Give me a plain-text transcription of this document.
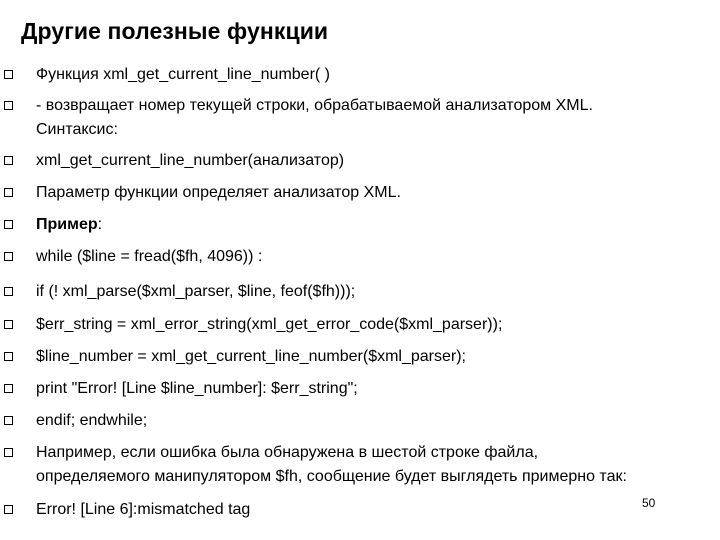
Другие полезные функции
Функция xml_get_current_line_number( )
- возвращает номер текущей строки, обрабатываемой анализатором XML.
Синтаксис:
xml_get_current_line_number(анализатор)
Параметр функции определяет анализатор XML.
Пример:
while ($line = fread($fh, 4096)) :
if (! xml_parse($xml_parser, $line, feof($fh)));
$err_string = xml_error_string(xml_get_error_code($xml_parser));
$line_number = xml_get_current_line_number($xml_parser);
print "Error! [Line $line_number]: $err_string";
endif; endwhile;
Например, если ошибка была обнаружена в шестой строке файла,
определяемого манипулятором $fh, сообщение будет выглядеть примерно так:
Error! [Line 6]:mismatched tag	50
